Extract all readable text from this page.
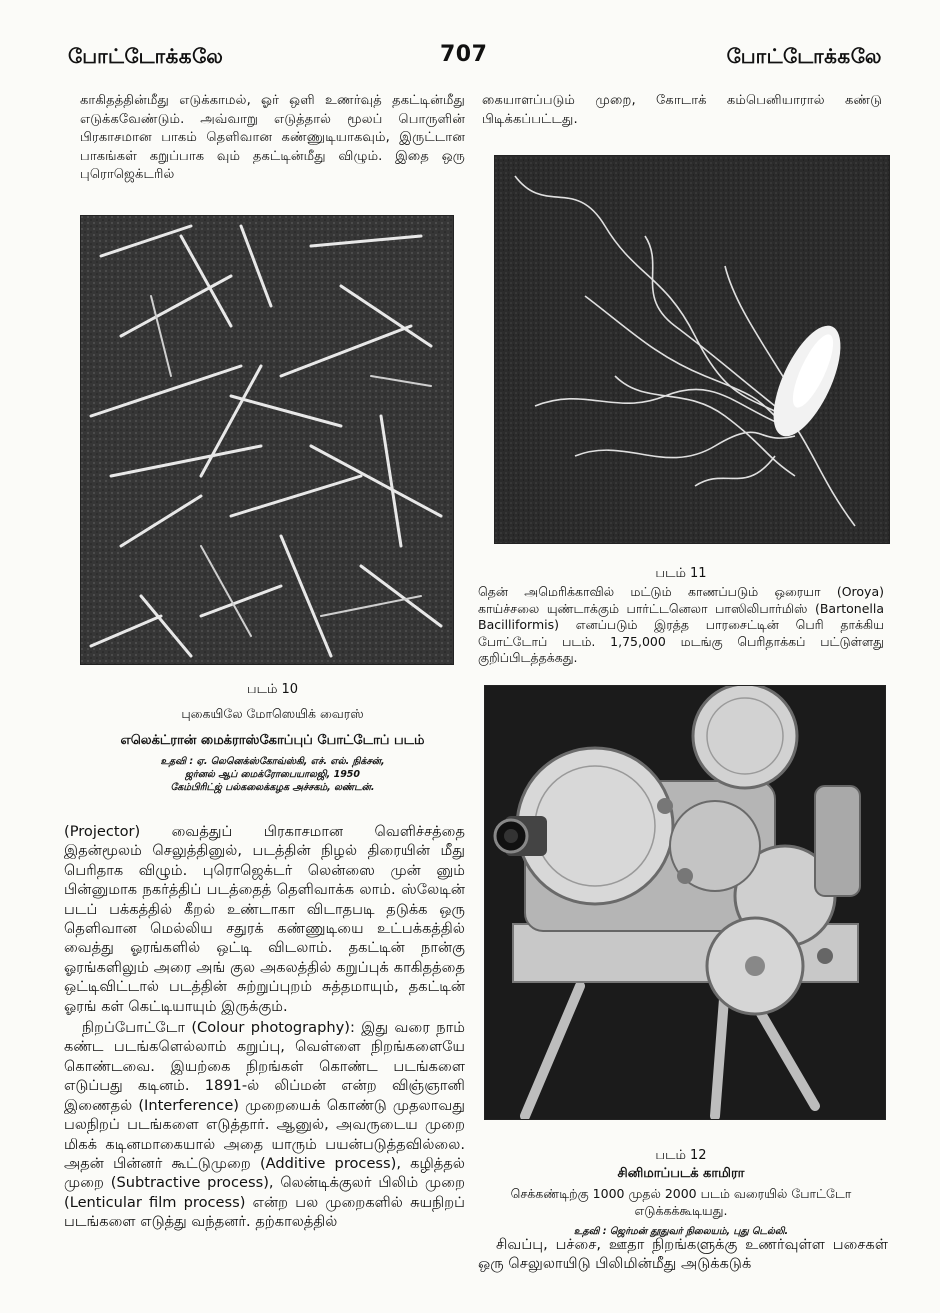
போட்டோக்கலே	707	போட்டோக்கலே

காகிதத்தின்மீது எடுக்காமல், ஓர் ஒளி உணர்வுத் தகட்டின்மீது எடுக்கவேண்டும். அவ்வாறு எடுத்தால் மூலப் பொருளின் பிரகாசமான பாகம் தெளிவான கண்ணுடியாகவும், இருட்டான பாகங்கள் கறுப்பாக வும் தகட்டின்மீது விழும். இதை ஒரு புரொஜெக்டரில்

படம் 10

புகையிலே மோஸெயிக் வைரஸ்

எலெக்ட்ரான் மைக்ராஸ்கோப்புப் போட்டோப் படம்

உதவி : ஏ. லெனெக்ஸ்கோவ்ஸ்கி, எச். எல். நிக்சன்,

ஜர்னல் ஆப் மைக்ரோபையாலஜி, 1950

கேம்பிரிட்ஜ் பல்கலைக்கழக அச்சகம், லண்டன்.

(Projector) வைத்துப் பிரகாசமான வெளிச்சத்தை இதன்மூலம் செலுத்தினுல், படத்தின் நிழல் திரையின் மீது பெரிதாக விழும். புரொஜெக்டர் லென்ஸை முன் னும் பின்னுமாக நகர்த்திப் படத்தைத் தெளிவாக்க லாம். ஸ்லேடின் படப் பக்கத்தில் கீறல் உண்டாகா விடாதபடி தடுக்க ஒரு தெளிவான மெல்லிய சதுரக் கண்ணுடியை உட்பக்கத்தில் வைத்து ஓரங்களில் ஒட்டி விடலாம். தகட்டின் நான்கு ஓரங்களிலும் அரை அங் குல அகலத்தில் கறுப்புக் காகிதத்தை ஒட்டிவிட்டால் படத்தின் சுற்றுப்புறம் சுத்தமாயும், தகட்டின் ஓரங் கள் கெட்டியாயும் இருக்கும்.

நிறப்போட்டோ (Colour photography): இது வரை நாம் கண்ட படங்களெல்லாம் கறுப்பு, வெள்ளை நிறங்களையே கொண்டவை. இயற்கை நிறங்கள் கொண்ட படங்களை எடுப்பது கடினம். 1891-ல் லிப்மன் என்ற விஞ்ஞானி இணைதல் (Interference) முறையைக் கொண்டு முதலாவது பலநிறப் படங்களை எடுத்தார். ஆனுல், அவருடைய முறை மிகக் கடினமாகையால் அதை யாரும் பயன்படுத்தவில்லை. அதன் பின்னர் கூட்டுமுறை (Additive process), கழித்தல் முறை (Subtractive process), லென்டிக்குலர் பிலிம் முறை (Lenticular film process) என்ற பல முறைகளில் சுயநிறப் படங்களை எடுத்து வந்தனர். தற்காலத்தில்

கையாளப்படும் முறை, கோடாக் கம்பெனியாரால் கண்டு பிடிக்கப்பட்டது.

படம் 11

தென் அமெரிக்காவில் மட்டும் காணப்படும் ஒரையா (Oroya) காய்ச்சலை யுண்டாக்கும் பார்ட்டனெலா பாஸிலிபார்மிஸ் (Bartonella Bacilliformis) எனப்படும் இரத்த பாரசைட்டின் பெரி தாக்கிய போட்டோப் படம். 1,75,000 மடங்கு பெரிதாக்கப் பட்டுள்ளது குறிப்பிடத்தக்கது.

படம் 12

சினிமாப்படக் காமிரா

செக்கண்டிற்கு 1000 முதல் 2000 படம் வரையில் போட்டோ எடுக்கக்கூடியது.

உதவி : ஜெர்மன் தூதுவர் நிலையம், புது டெல்லி.

சிவப்பு, பச்சை, ஊதா நிறங்களுக்கு உணர்வுள்ள பசைகள் ஒரு செலுலாயிடு பிலிமின்மீது அடுக்கடுக்
